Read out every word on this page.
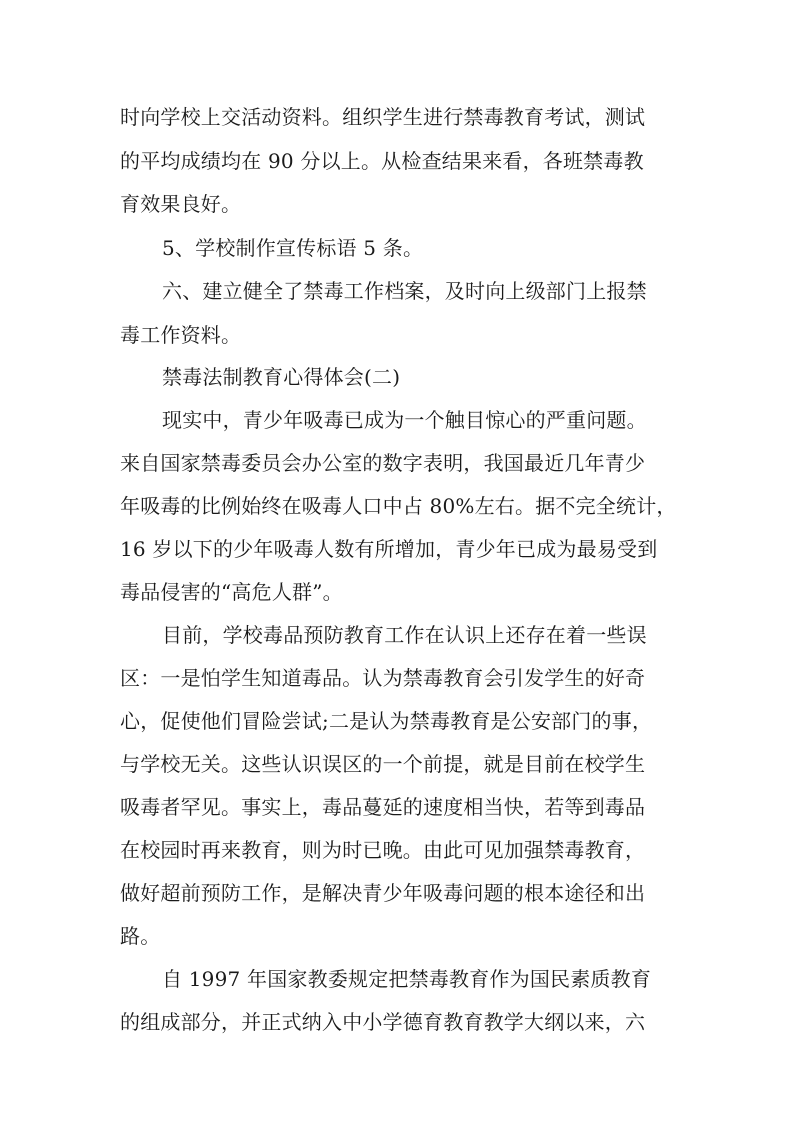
时向学校上交活动资料。组织学生进行禁毒教育考试，测试
的平均成绩均在 90 分以上。从检查结果来看，各班禁毒教
育效果良好。
5、学校制作宣传标语 5 条。
六、建立健全了禁毒工作档案，及时向上级部门上报禁
毒工作资料。
禁毒法制教育心得体会(二)
现实中，青少年吸毒已成为一个触目惊心的严重问题。
来自国家禁毒委员会办公室的数字表明，我国最近几年青少
年吸毒的比例始终在吸毒人口中占 80%左右。据不完全统计，
16 岁以下的少年吸毒人数有所增加，青少年已成为最易受到
毒品侵害的“高危人群”。
目前，学校毒品预防教育工作在认识上还存在着一些误
区：一是怕学生知道毒品。认为禁毒教育会引发学生的好奇
心，促使他们冒险尝试;二是认为禁毒教育是公安部门的事，
与学校无关。这些认识误区的一个前提，就是目前在校学生
吸毒者罕见。事实上，毒品蔓延的速度相当快，若等到毒品
在校园时再来教育，则为时已晚。由此可见加强禁毒教育，
做好超前预防工作，是解决青少年吸毒问题的根本途径和出
路。
自 1997 年国家教委规定把禁毒教育作为国民素质教育
的组成部分，并正式纳入中小学德育教育教学大纲以来，六
